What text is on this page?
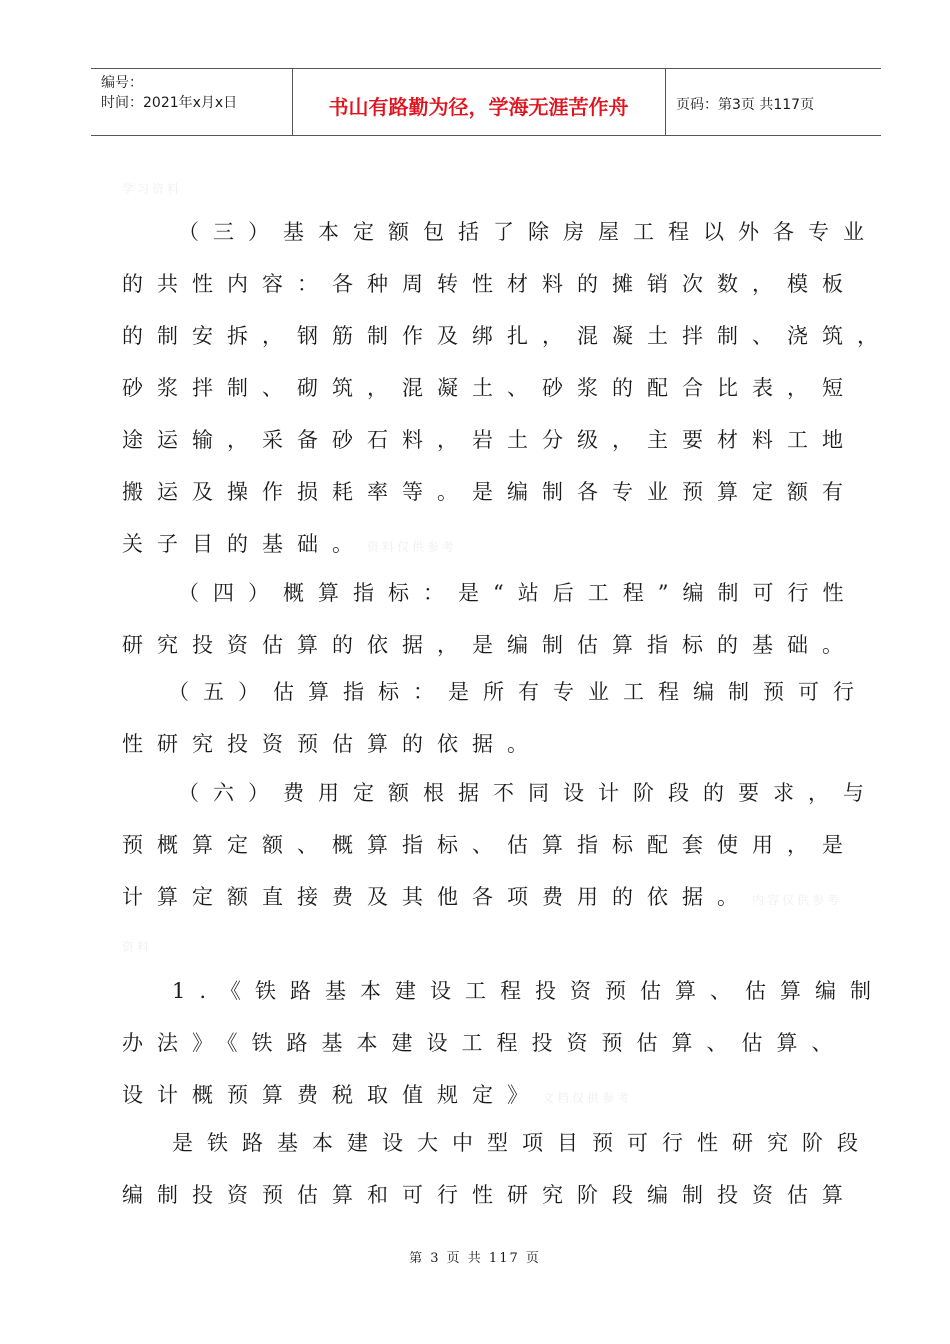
编号：
时间：2021年x月x日	书山有路勤为径，学海无涯苦作舟	页码：第3页 共117页
学习资料
（三）基本定额包括了除房屋工程以外各专业
的共性内容：各种周转性材料的摊销次数，模板
的制安拆，钢筋制作及绑扎，混凝土拌制、浇筑，
砂浆拌制、砌筑，混凝土、砂浆的配合比表，短
途运输，采备砂石料，岩土分级，主要材料工地
搬运及操作损耗率等。是编制各专业预算定额有
关子目的基础。资料仅供参考
（四）概算指标：是“站后工程”编制可行性
研究投资估算的依据，是编制估算指标的基础。
（五）估算指标：是所有专业工程编制预可行
性研究投资预估算的依据。
（六）费用定额根据不同设计阶段的要求，与
预概算定额、概算指标、估算指标配套使用，是
计算定额直接费及其他各项费用的依据。内容仅供参考
资料
1.《铁路基本建设工程投资预估算、估算编制
办法》《铁路基本建设工程投资预估算、估算、
设计概预算费税取值规定》文档仅供参考
是铁路基本建设大中型项目预可行性研究阶段
编制投资预估算和可行性研究阶段编制投资估算
第 3 页 共 117 页
